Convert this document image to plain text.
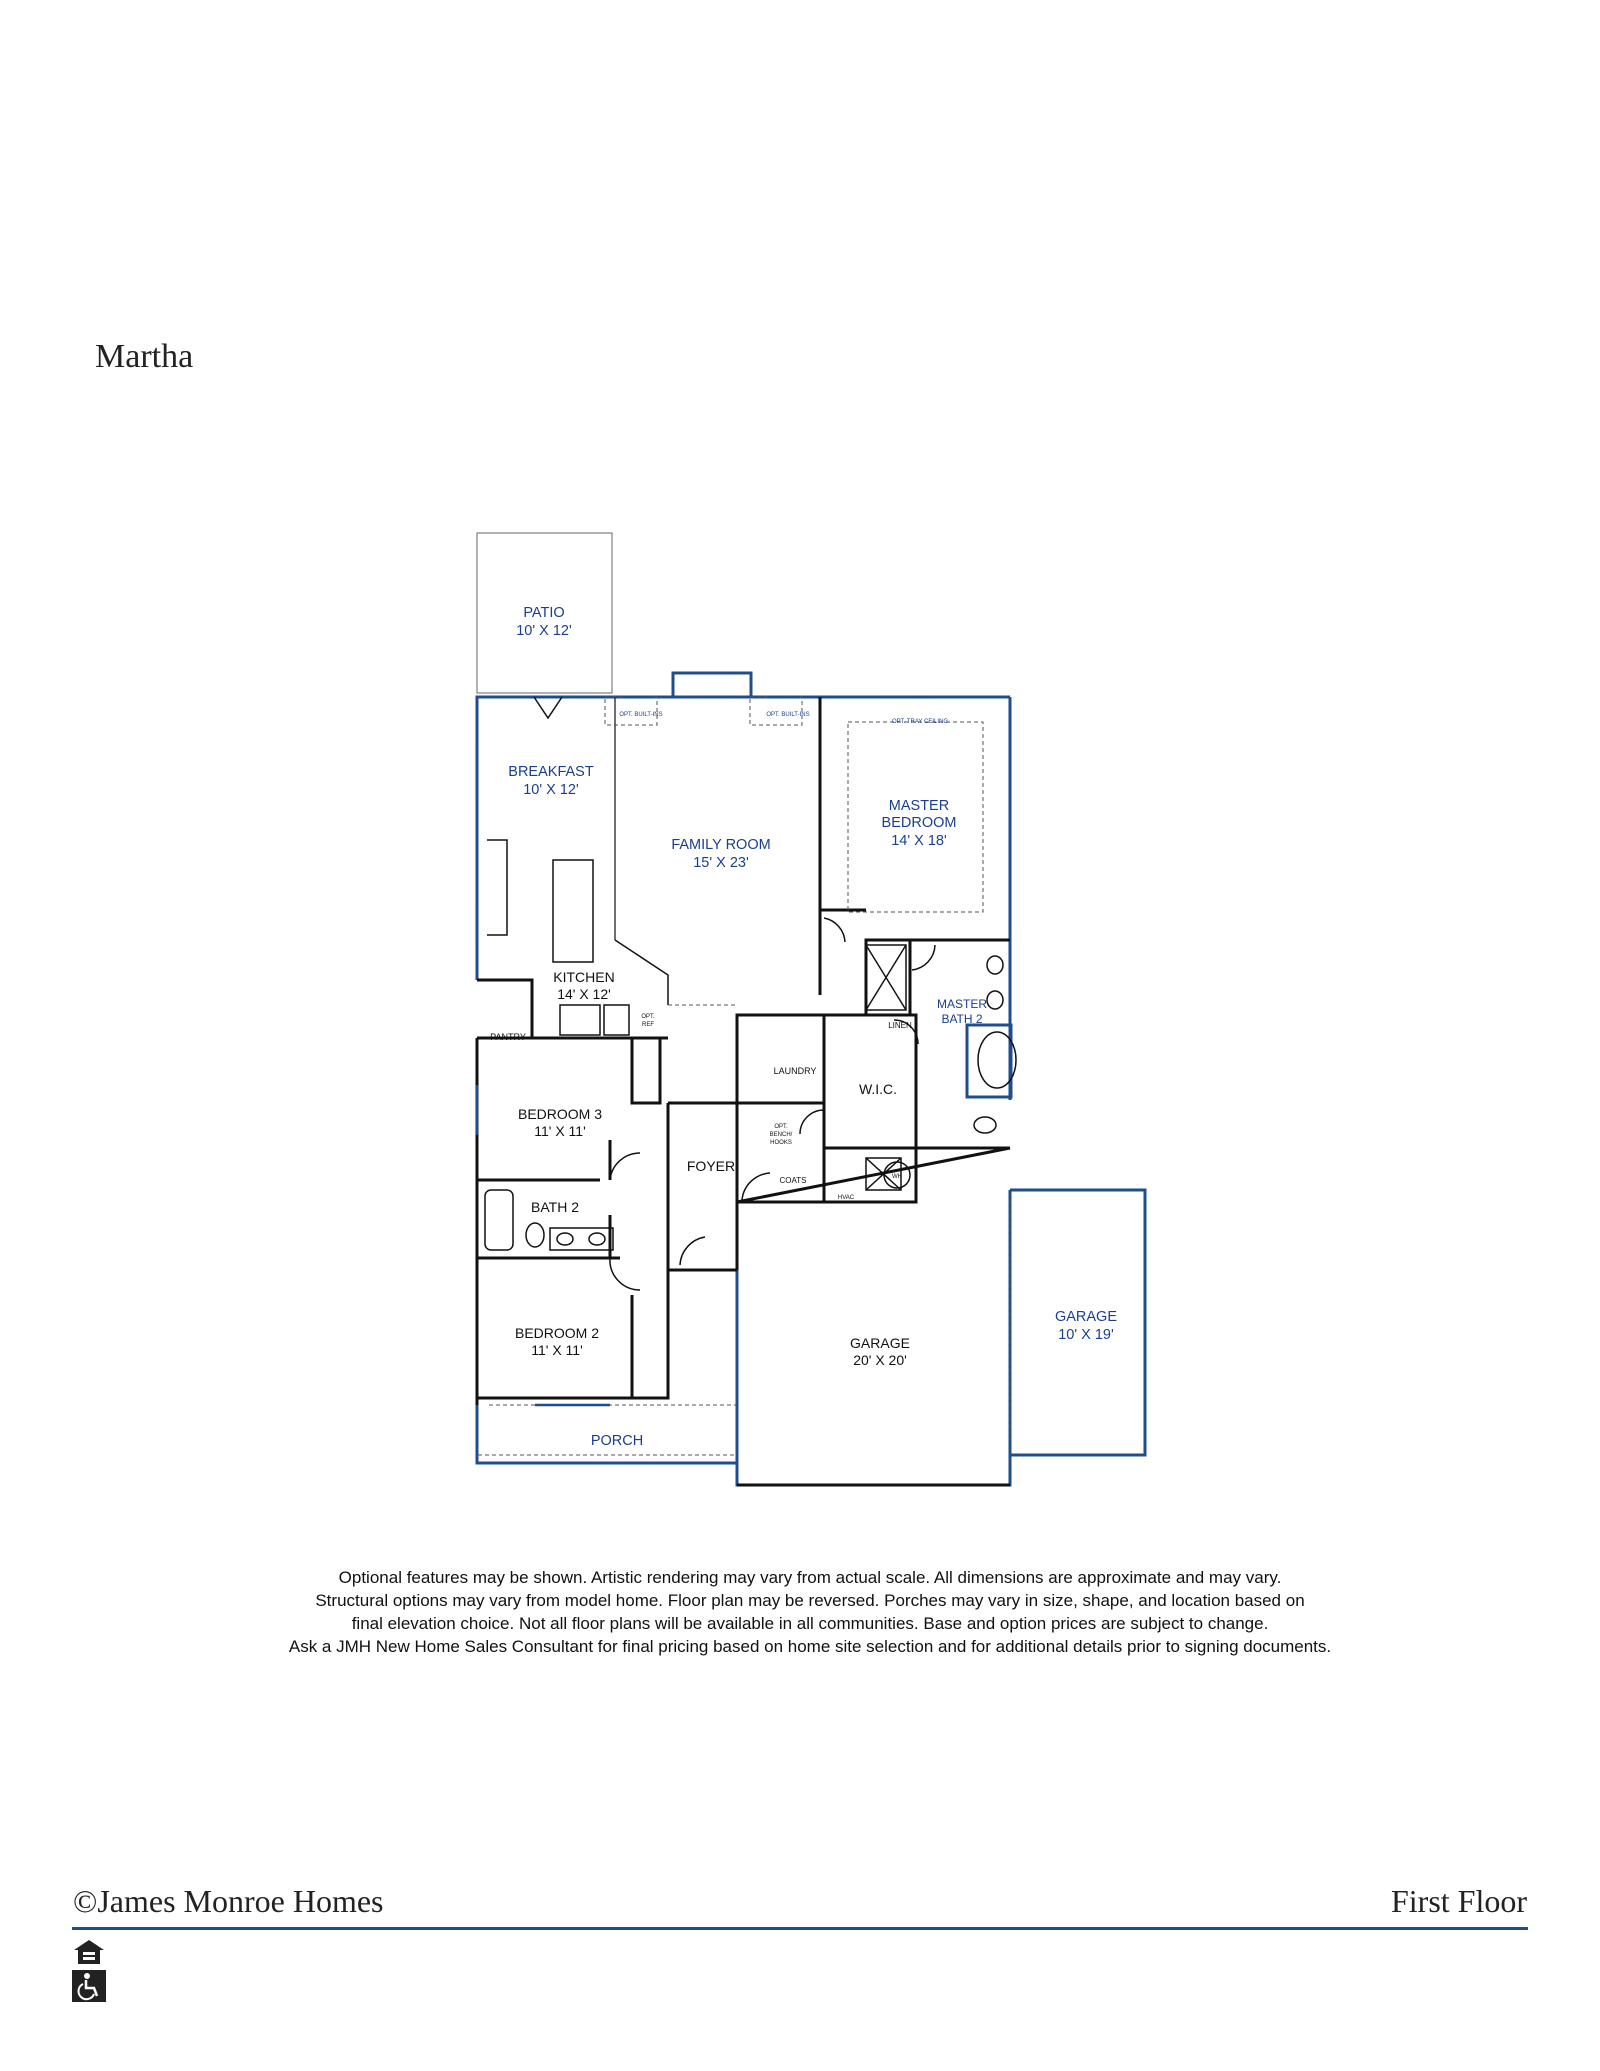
Martha
PATIO
10' X 12'
BREAKFAST
10' X 12'
FAMILY ROOM
15' X 23'
MASTER
BEDROOM
14' X 18'
KITCHEN
14' X 12'
MASTER
BATH 2
PANTRY
LINEN
LAUNDRY
W.I.C.
BEDROOM 3
11' X 11'
FOYER
COATS
BATH 2
BEDROOM 2
11' X 11'	GARAGE
20' X 20'
GARAGE
10' X 19'
PORCH
HVAC
WH
OPT. BUILT-INS	OPT. BUILT-INS
OPT. TRAY CEILING
OPT.
BENCH/
HOOKS
OPT.
REF
Optional features may be shown. Artistic rendering may vary from actual scale. All dimensions are approximate and may vary.
Structural options may vary from model home. Floor plan may be reversed. Porches may vary in size, shape, and location based on
final elevation choice. Not all floor plans will be available in all communities. Base and option prices are subject to change.
Ask a JMH New Home Sales Consultant for final pricing based on home site selection and for additional details prior to signing documents.
©James Monroe Homes	First Floor
